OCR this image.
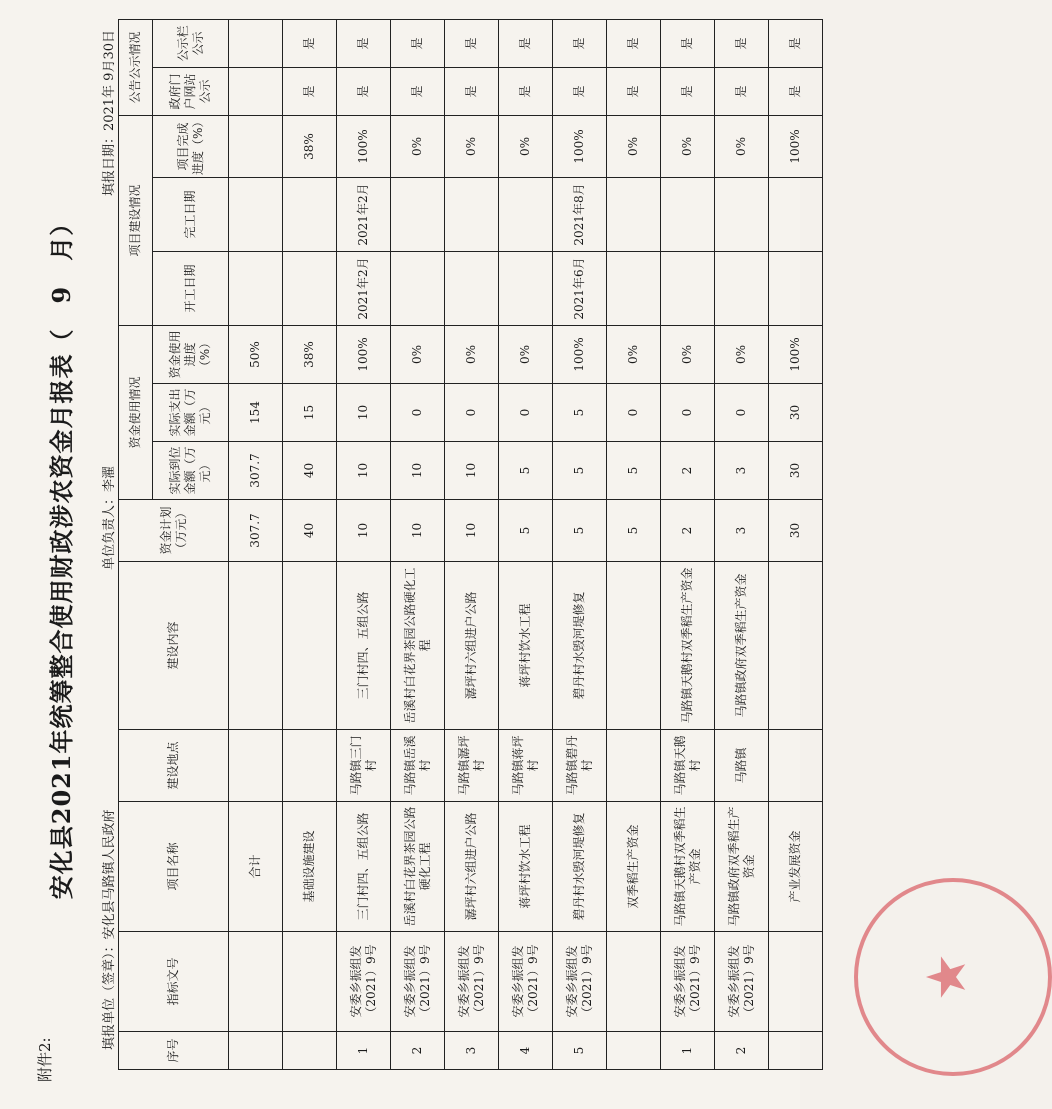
附件2:
安化县2021年统筹整合使用财政涉农资金月报表（　9　月）
填报单位（签章）：安化县马路镇人民政府
单位负责人：李濯
填报日期：2021年 9月30日
序号	指标文号	项目名称	建设地点	建设内容	资金计划（万元）	资金使用情况			项目建设情况			公告公示情况	
						实际到位金额（万元）	实际支出金额（万元）	资金使用进度（%）	开工日期	完工日期	项目完成进度（%）	政府门户网站公示	公示栏公示
		合计			307.7	307.7	154	50%					
		基础设施建设			40	40	15	38%			38%	是	是
1	安委乡振组发（2021）9号	三门村四、五组公路	马路镇三门村	三门村四、五组公路	10	10	10	100%	2021年2月	2021年2月	100%	是	是
2	安委乡振组发（2021）9号	岳溪村白花界茶园公路硬化工程	马路镇岳溪村	岳溪村白花界茶园公路硬化工程	10	10	0	0%			0%	是	是
3	安委乡振组发（2021）9号	潺坪村六组进户公路	马路镇潺坪村	潺坪村六组进户公路	10	10	0	0%			0%	是	是
4	安委乡振组发（2021）9号	蒋坪村饮水工程	马路镇蒋坪村	蒋坪村饮水工程	5	5	0	0%			0%	是	是
5	安委乡振组发（2021）9号	碧丹村水毁河堤修复	马路镇碧丹村	碧丹村水毁河堤修复	5	5	5	100%	2021年6月	2021年8月	100%	是	是
		双季稻生产资金			5	5	0	0%			0%	是	是
1	安委乡振组发（2021）9号	马路镇天鹅村双季稻生产资金	马路镇天鹅村	马路镇天鹅村双季稻生产资金	2	2	0	0%			0%	是	是
2	安委乡振组发（2021）9号	马路镇政府双季稻生产资金	马路镇	马路镇政府双季稻生产资金	3	3	0	0%			0%	是	是
		产业发展资金			30	30	30	100%			100%	是	是
★
